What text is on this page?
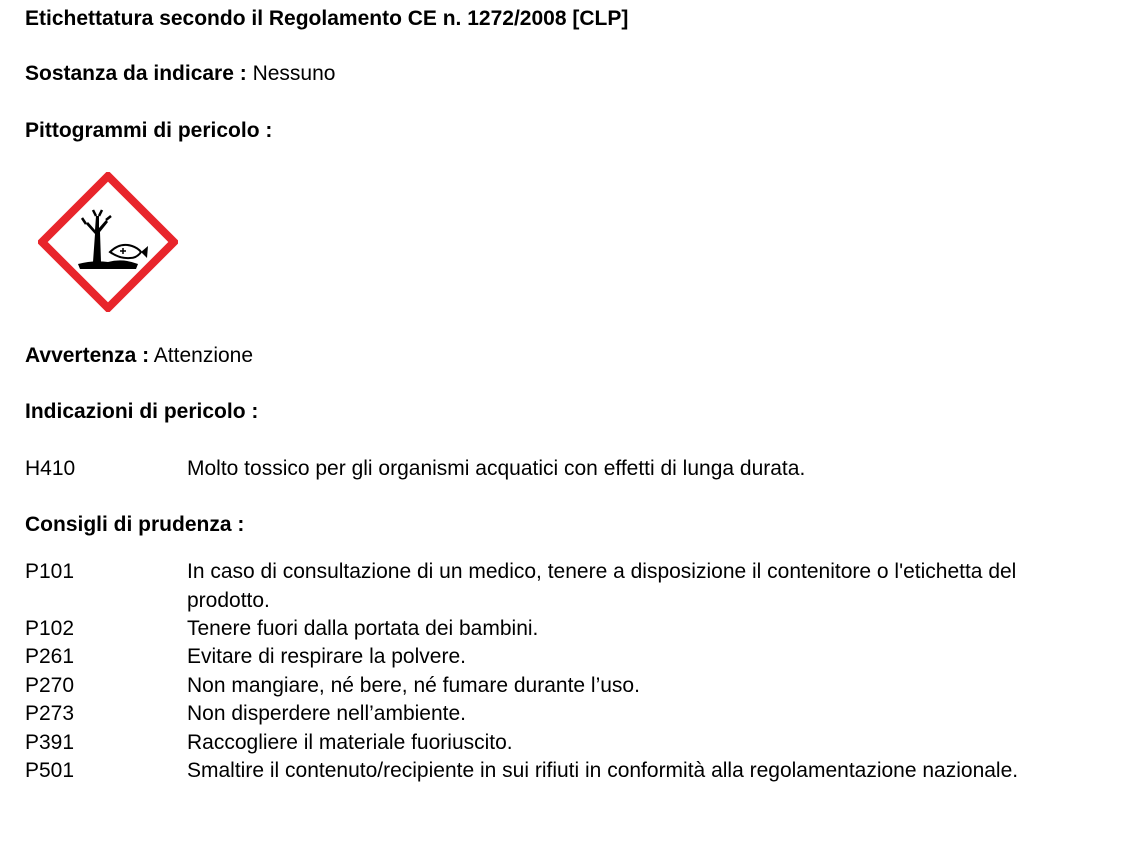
Etichettatura secondo il Regolamento CE n. 1272/2008 [CLP]
Sostanza da indicare : Nessuno
Pittogrammi di pericolo :
Avvertenza : Attenzione
Indicazioni di pericolo :
H410	Molto tossico per gli organismi acquatici con effetti di lunga durata.
Consigli di prudenza :
P101	In caso di consultazione di un medico, tenere a disposizione il contenitore o l'etichetta del prodotto.
P102	Tenere fuori dalla portata dei bambini.
P261	Evitare di respirare la polvere.
P270	Non mangiare, né bere, né fumare durante l’uso.
P273	Non disperdere nell’ambiente.
P391	Raccogliere il materiale fuoriuscito.
P501	Smaltire il contenuto/recipiente in sui rifiuti in conformità alla regolamentazione nazionale.
